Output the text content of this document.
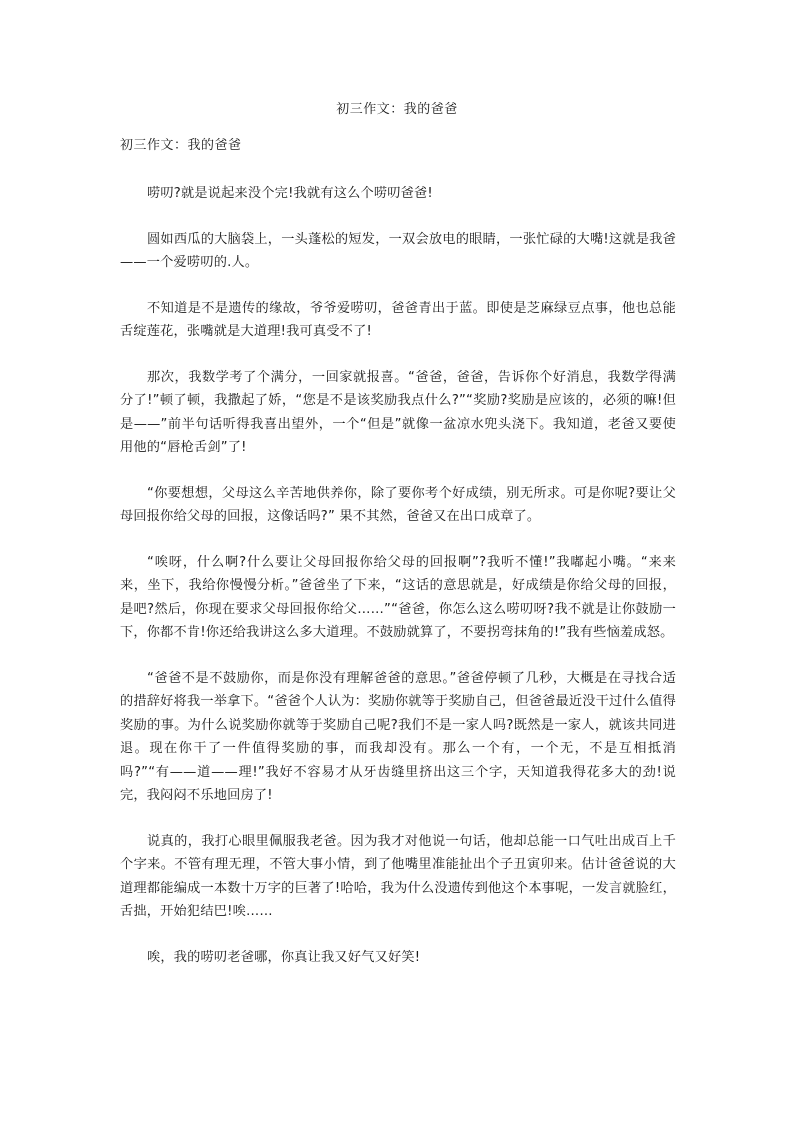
初三作文：我的爸爸
初三作文：我的爸爸

唠叨?就是说起来没个完!我就有这么个唠叨爸爸!

圆如西瓜的大脑袋上，一头蓬松的短发，一双会放电的眼睛，一张忙碌的大嘴!这就是我爸——一个爱唠叨的.人。

不知道是不是遗传的缘故，爷爷爱唠叨，爸爸青出于蓝。即使是芝麻绿豆点事，他也总能舌绽莲花，张嘴就是大道理!我可真受不了!

那次，我数学考了个满分，一回家就报喜。“爸爸，爸爸，告诉你个好消息，我数学得满分了!”顿了顿，我撒起了娇，“您是不是该奖励我点什么?”“奖励?奖励是应该的，必须的嘛!但是——”前半句话听得我喜出望外，一个“但是”就像一盆凉水兜头浇下。我知道，老爸又要使用他的“唇枪舌剑”了!

“你要想想，父母这么辛苦地供养你，除了要你考个好成绩，别无所求。可是你呢?要让父母回报你给父母的回报，这像话吗?” 果不其然，爸爸又在出口成章了。

“唉呀，什么啊?什么要让父母回报你给父母的回报啊”?我听不懂!”我嘟起小嘴。“来来来，坐下，我给你慢慢分析。”爸爸坐了下来，“这话的意思就是，好成绩是你给父母的回报，是吧?然后，你现在要求父母回报你给父……”“爸爸，你怎么这么唠叨呀?我不就是让你鼓励一下，你都不肯!你还给我讲这么多大道理。不鼓励就算了，不要拐弯抹角的!”我有些恼羞成怒。

“爸爸不是不鼓励你，而是你没有理解爸爸的意思。”爸爸停顿了几秒，大概是在寻找合适的措辞好将我一举拿下。“爸爸个人认为：奖励你就等于奖励自己，但爸爸最近没干过什么值得奖励的事。为什么说奖励你就等于奖励自己呢?我们不是一家人吗?既然是一家人，就该共同进退。现在你干了一件值得奖励的事，而我却没有。那么一个有，一个无，不是互相抵消吗?”“有——道——理!”我好不容易才从牙齿缝里挤出这三个字，天知道我得花多大的劲!说完，我闷闷不乐地回房了!

说真的，我打心眼里佩服我老爸。因为我才对他说一句话，他却总能一口气吐出成百上千个字来。不管有理无理，不管大事小情，到了他嘴里准能扯出个子丑寅卯来。估计爸爸说的大道理都能编成一本数十万字的巨著了!哈哈，我为什么没遗传到他这个本事呢，一发言就脸红，舌拙，开始犯结巴!唉……

唉，我的唠叨老爸哪，你真让我又好气又好笑!
